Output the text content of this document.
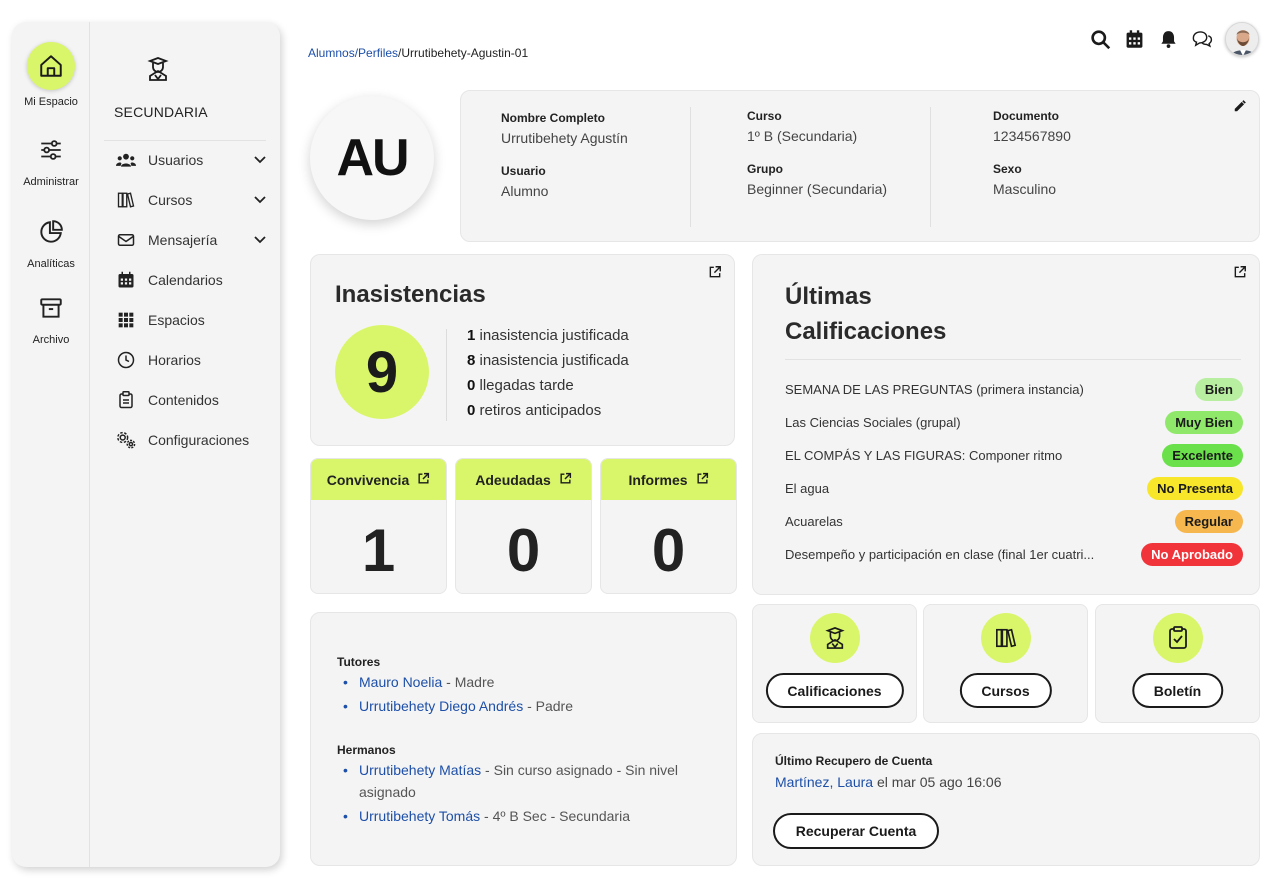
Mi Espacio
Administrar
Analíticas
Archivo
SECUNDARIA
Usuarios
Cursos
Mensajería
Calendarios
Espacios
Horarios
Contenidos
Configuraciones
Alumnos/Perfiles/Urrutibehety-Agustin-01
AU
Nombre Completo
Urrutibehety Agustín
Usuario
Alumno
Curso
1º B (Secundaria)
Grupo
Beginner (Secundaria)
Documento
1234567890
Sexo
Masculino
Inasistencias
9
1 inasistencia justificada
8 inasistencia justificada
0 llegadas tarde
0 retiros anticipados
Convivencia
1
Adeudadas
0
Informes
0
Tutores
• Mauro Noelia - Madre
• Urrutibehety Diego Andrés - Padre
Hermanos
• Urrutibehety Matías - Sin curso asignado - Sin nivel asignado
• Urrutibehety Tomás - 4º B Sec - Secundaria
Últimas
Calificaciones
SEMANA DE LAS PREGUNTAS (primera instancia)	Bien
Las Ciencias Sociales (grupal)	Muy Bien
EL COMPÁS Y LAS FIGURAS: Componer ritmo	Excelente
El agua	No Presenta
Acuarelas	Regular
Desempeño y participación en clase (final 1er cuatri...	No Aprobado
Calificaciones	Cursos	Boletín
Último Recupero de Cuenta
Martínez, Laura el mar 05 ago 16:06
Recuperar Cuenta
